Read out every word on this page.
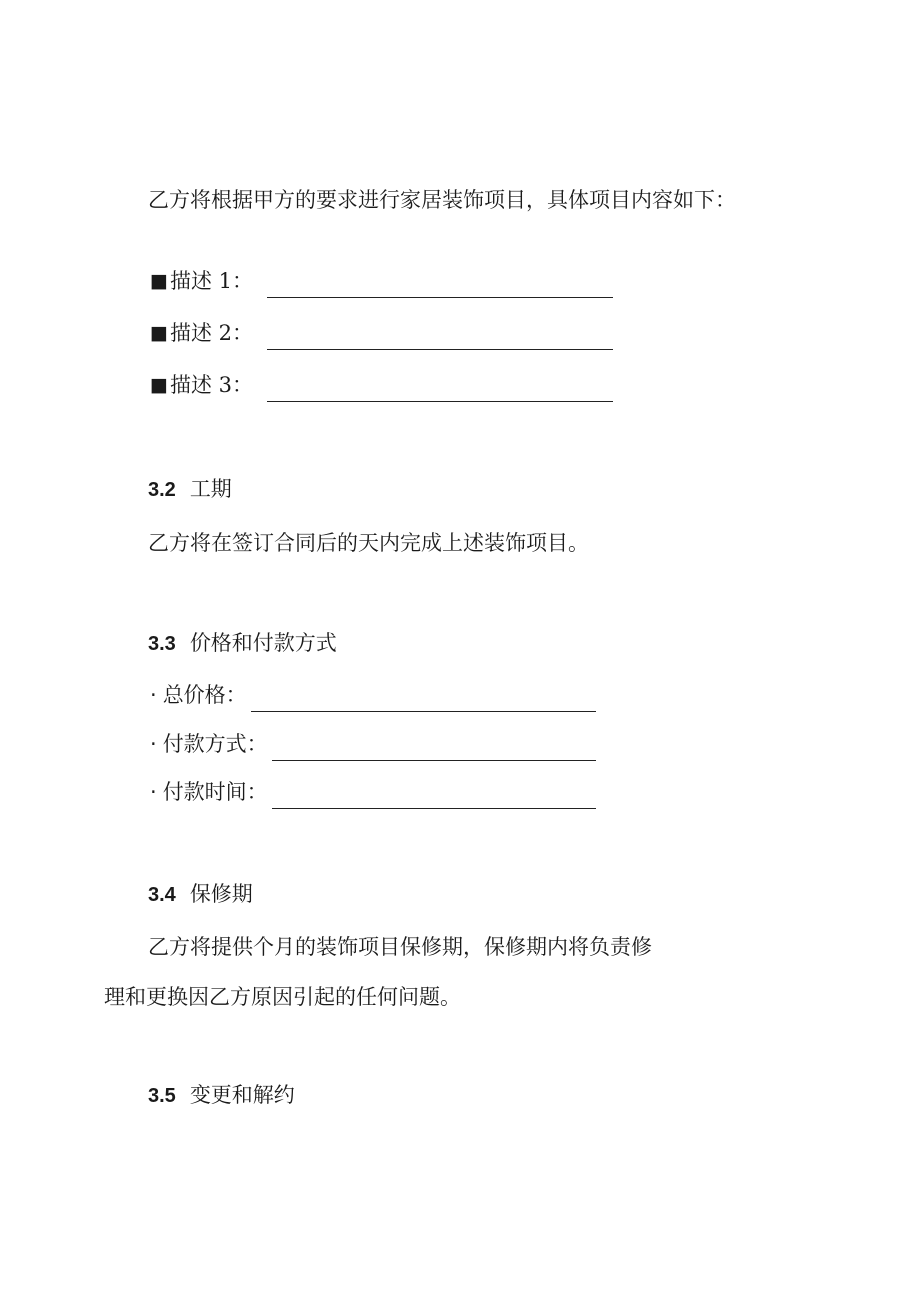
乙方将根据甲方的要求进行家居装饰项目，具体项目内容如下：
■ 描述 1：
■ 描述 2：
■ 描述 3：
3.2 工期
乙方将在签订合同后的天内完成上述装饰项目。
3.3 价格和付款方式
· 总价格：
· 付款方式：
· 付款时间：
3.4 保修期
乙方将提供个月的装饰项目保修期，保修期内将负责修
理和更换因乙方原因引起的任何问题。
3.5 变更和解约
